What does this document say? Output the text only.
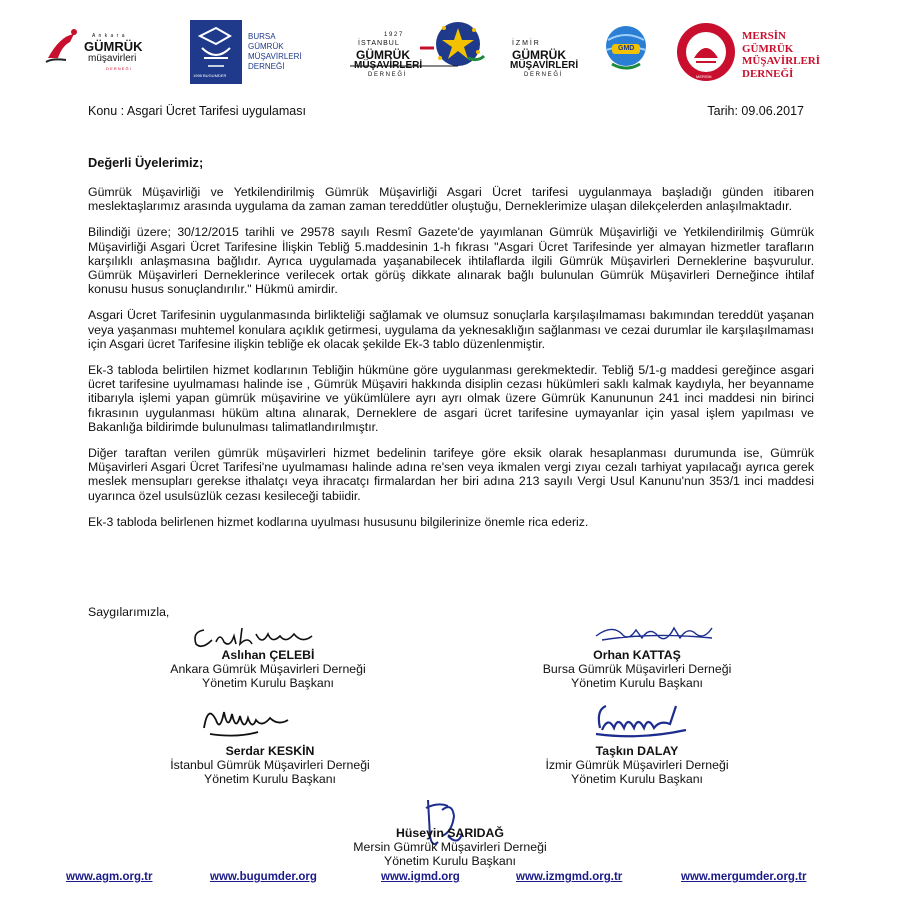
A n k a r a
GÜMRÜK
müşavirleri
D E R N E Ğ İ
1998 BUGUMDER
BURSA
GÜMRÜK
MÜŞAVİRLERİ
DERNEĞİ
1 9 2 7
İSTANBUL
GÜMRÜK
MÜŞAVİRLERİ
D E R N E Ğ İ
GMD
İ Z M İ R
GÜMRÜK
MÜŞAVİRLERİ
D E R N E Ğ İ	MERSİN
MERSİN
GÜMRÜK
MÜŞAVİRLERİ
DERNEĞİ
Konu : Asgari Ücret Tarifesi uygulaması	Tarih: 09.06.2017
Değerli Üyelerimiz;

Gümrük Müşavirliği ve Yetkilendirilmiş Gümrük Müşavirliği Asgari Ücret tarifesi uygulanmaya başladığı günden itibaren meslektaşlarımız arasında uygulama da zaman zaman tereddütler oluştuğu, Derneklerimize ulaşan dilekçelerden anlaşılmaktadır.

Bilindiği üzere; 30/12/2015 tarihli ve 29578 sayılı Resmî Gazete'de yayımlanan Gümrük Müşavirliği ve Yetkilendirilmiş Gümrük Müşavirliği Asgari Ücret Tarifesine İlişkin Tebliğ 5.maddesinin 1-h fıkrası "Asgari Ücret Tarifesinde yer almayan hizmetler tarafların karşılıklı anlaşmasına bağlıdır. Ayrıca uygulamada yaşanabilecek ihtilaflarda ilgili Gümrük Müşavirleri Derneklerine başvurulur. Gümrük Müşavirleri Derneklerince verilecek ortak görüş dikkate alınarak bağlı bulunulan Gümrük Müşavirleri Derneğince ihtilaf konusu husus sonuçlandırılır." Hükmü amirdir.

Asgari Ücret Tarifesinin uygulanmasında birlikteliği sağlamak ve olumsuz sonuçlarla karşılaşılmaması bakımından tereddüt yaşanan veya yaşanması muhtemel konulara açıklık getirmesi, uygulama da yeknesaklığın sağlanması ve cezai durumlar ile karşılaşılmaması için Asgari ücret Tarifesine ilişkin tebliğe ek olacak şekilde Ek-3 tablo düzenlenmiştir.

Ek-3 tabloda belirtilen hizmet kodlarının Tebliğin hükmüne göre uygulanması gerekmektedir. Tebliğ 5/1-g maddesi gereğince asgari ücret tarifesine uyulmaması halinde ise , Gümrük Müşaviri hakkında disiplin cezası hükümleri saklı kalmak kaydıyla, her beyanname itibarıyla işlemi yapan gümrük müşavirine ve yükümlülere ayrı ayrı olmak üzere Gümrük Kanununun 241 inci maddesi nin birinci fıkrasının uygulanması hüküm altına alınarak, Derneklere de asgari ücret tarifesine uymayanlar için yasal işlem yapılması ve Bakanlığa bildirimde bulunulması talimatlandırılmıştır.

Diğer taraftan verilen gümrük müşavirleri hizmet bedelinin tarifeye göre eksik olarak hesaplanması durumunda ise, Gümrük Müşavirleri Asgari Ücret Tarifesi'ne uyulmaması halinde adına re'sen veya ikmalen vergi zıyaı cezalı tarhiyat yapılacağı ayrıca gerek meslek mensupları gerekse ithalatçı veya ihracatçı firmalardan her biri adına 213 sayılı Vergi Usul Kanunu'nun 353/1 inci maddesi uyarınca özel usulsüzlük cezası kesileceği tabiidir.

Ek-3 tabloda belirlenen hizmet kodlarına uyulması hususunu bilgilerinize önemle rica ederiz.

Saygılarımızla,
Aslıhan ÇELEBİ
Ankara Gümrük Müşavirleri Derneği
Yönetim Kurulu Başkanı
Orhan KATTAŞ
Bursa Gümrük Müşavirleri Derneği
Yönetim Kurulu Başkanı
Serdar KESKİN
İstanbul Gümrük Müşavirleri Derneği
Yönetim Kurulu Başkanı
Taşkın DALAY
İzmir Gümrük Müşavirleri Derneği
Yönetim Kurulu Başkanı
Hüseyin SARIDAĞ
Mersin Gümrük Müşavirleri Derneği
Yönetim Kurulu Başkanı
www.agm.org.tr	www.bugumder.org	www.igmd.org	www.izmgmd.org.tr	www.mergumder.org.tr
